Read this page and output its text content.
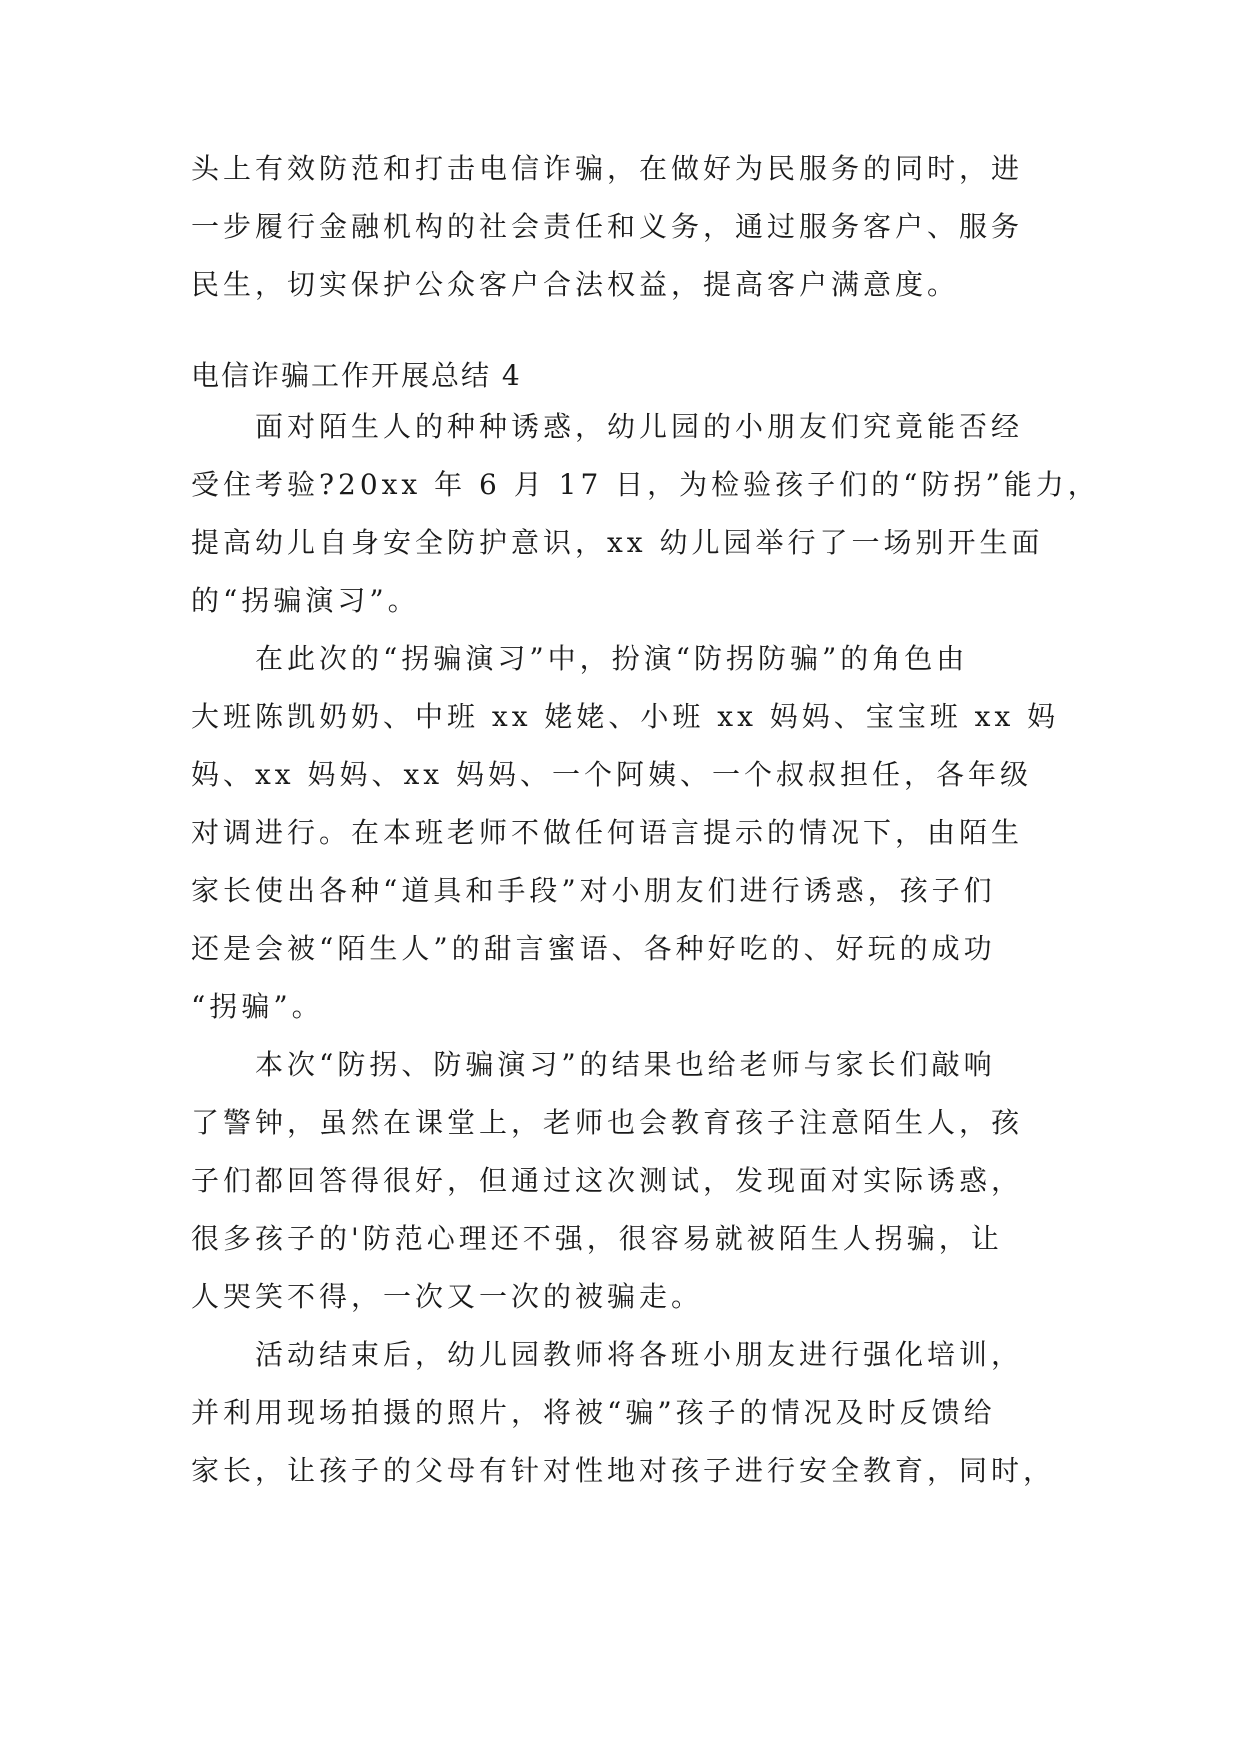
头上有效防范和打击电信诈骗，在做好为民服务的同时，进
一步履行金融机构的社会责任和义务，通过服务客户、服务
民生，切实保护公众客户合法权益，提高客户满意度。
电信诈骗工作开展总结 4
面对陌生人的种种诱惑，幼儿园的小朋友们究竟能否经
受住考验?20xx 年 6 月 17 日，为检验孩子们的“防拐”能力，
提高幼儿自身安全防护意识，xx 幼儿园举行了一场别开生面
的“拐骗演习”。
在此次的“拐骗演习”中，扮演“防拐防骗”的角色由
大班陈凯奶奶、中班 xx 姥姥、小班 xx 妈妈、宝宝班 xx 妈
妈、xx 妈妈、xx 妈妈、一个阿姨、一个叔叔担任，各年级
对调进行。在本班老师不做任何语言提示的情况下，由陌生
家长使出各种“道具和手段”对小朋友们进行诱惑，孩子们
还是会被“陌生人”的甜言蜜语、各种好吃的、好玩的成功
“拐骗”。
本次“防拐、防骗演习”的结果也给老师与家长们敲响
了警钟，虽然在课堂上，老师也会教育孩子注意陌生人，孩
子们都回答得很好，但通过这次测试，发现面对实际诱惑，
很多孩子的'防范心理还不强，很容易就被陌生人拐骗，让
人哭笑不得，一次又一次的被骗走。
活动结束后，幼儿园教师将各班小朋友进行强化培训，
并利用现场拍摄的照片，将被“骗”孩子的情况及时反馈给
家长，让孩子的父母有针对性地对孩子进行安全教育，同时，
